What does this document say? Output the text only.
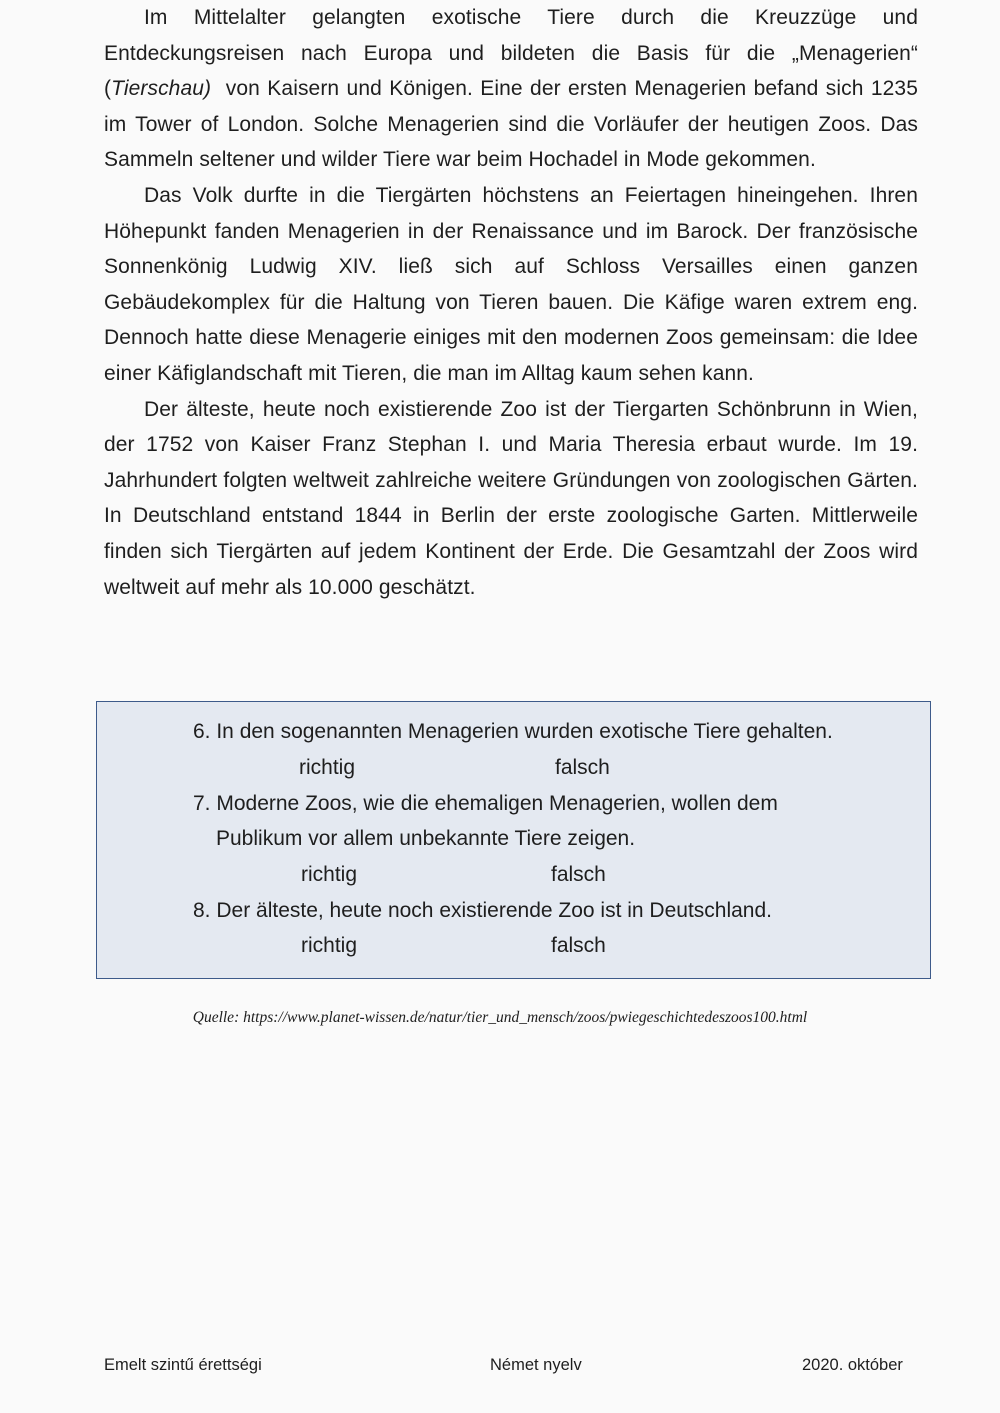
Im Mittelalter gelangten exotische Tiere durch die Kreuzzüge und Entdeckungsreisen nach Europa und bildeten die Basis für die „Menagerien“ (Tierschau)  von Kaisern und Königen. Eine der ersten Menagerien befand sich 1235 im Tower of London. Solche Menagerien sind die Vorläufer der heutigen Zoos. Das Sammeln seltener und wilder Tiere war beim Hochadel in Mode gekommen.

Das Volk durfte in die Tiergärten höchstens an Feiertagen hineingehen. Ihren Höhepunkt fanden Menagerien in der Renaissance und im Barock. Der französische Sonnenkönig Ludwig XIV. ließ sich auf Schloss Versailles einen ganzen Gebäudekomplex für die Haltung von Tieren bauen. Die Käfige waren extrem eng. Dennoch hatte diese Menagerie einiges mit den modernen Zoos gemeinsam: die Idee einer Käfiglandschaft mit Tieren, die man im Alltag kaum sehen kann.

Der älteste, heute noch existierende Zoo ist der Tiergarten Schönbrunn in Wien, der 1752 von Kaiser Franz Stephan I. und Maria Theresia erbaut wurde. Im 19. Jahrhundert folgten weltweit zahlreiche weitere Gründungen von zoologischen Gärten. In Deutschland entstand 1844 in Berlin der erste zoologische Garten. Mittlerweile finden sich Tiergärten auf jedem Kontinent der Erde. Die Gesamtzahl der Zoos wird weltweit auf mehr als 10.000 geschätzt.

6. In den sogenannten Menagerien wurden exotische Tiere gehalten.
richtig	falsch
7. Moderne Zoos, wie die ehemaligen Menagerien, wollen dem
Publikum vor allem unbekannte Tiere zeigen.
richtig	falsch
8. Der älteste, heute noch existierende Zoo ist in Deutschland.
richtig	falsch
Quelle: https://www.planet-wissen.de/natur/tier_und_mensch/zoos/pwiegeschichtedeszoos100.html
Emelt szintű érettségi	Német nyelv	2020. október
